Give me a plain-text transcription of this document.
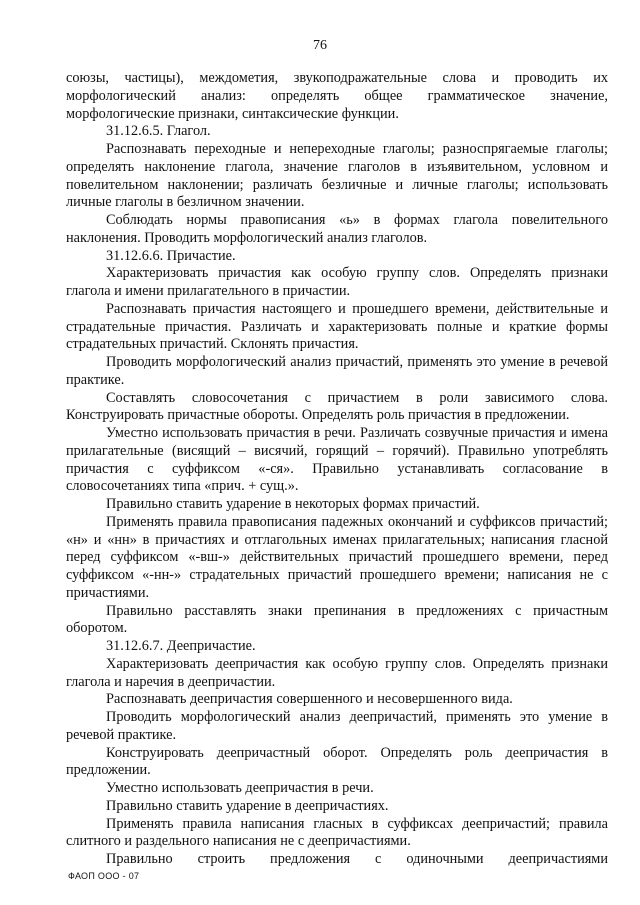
76

союзы, частицы), междометия, звукоподражательные слова и проводить их морфологический анализ: определять общее грамматическое значение, морфологические признаки, синтаксические функции.

31.12.6.5. Глагол.

Распознавать переходные и непереходные глаголы; разноспрягаемые глаголы; определять наклонение глагола, значение глаголов в изъявительном, условном и повелительном наклонении; различать безличные и личные глаголы; использовать личные глаголы в безличном значении.

Соблюдать нормы правописания «ь» в формах глагола повелительного наклонения. Проводить морфологический анализ глаголов.

31.12.6.6. Причастие.

Характеризовать причастия как особую группу слов. Определять признаки глагола и имени прилагательного в причастии.

Распознавать причастия настоящего и прошедшего времени, действительные и страдательные причастия. Различать и характеризовать полные и краткие формы страдательных причастий. Склонять причастия.

Проводить морфологический анализ причастий, применять это умение в речевой практике.

Составлять словосочетания с причастием в роли зависимого слова. Конструировать причастные обороты. Определять роль причастия в предложении.

Уместно использовать причастия в речи. Различать созвучные причастия и имена прилагательные (висящий – висячий, горящий – горячий). Правильно употреблять причастия с суффиксом «-ся». Правильно устанавливать согласование в словосочетаниях типа «прич. + сущ.».

Правильно ставить ударение в некоторых формах причастий.

Применять правила правописания падежных окончаний и суффиксов причастий; «н» и «нн» в причастиях и отглагольных именах прилагательных; написания гласной перед суффиксом «-вш-» действительных причастий прошедшего времени, перед суффиксом «-нн-» страдательных причастий прошедшего времени; написания не с причастиями.

Правильно расставлять знаки препинания в предложениях с причастным оборотом.

31.12.6.7. Деепричастие.

Характеризовать деепричастия как особую группу слов. Определять признаки глагола и наречия в деепричастии.

Распознавать деепричастия совершенного и несовершенного вида.

Проводить морфологический анализ деепричастий, применять это умение в речевой практике.

Конструировать деепричастный оборот. Определять роль деепричастия в предложении.

Уместно использовать деепричастия в речи.

Правильно ставить ударение в деепричастиях.

Применять правила написания гласных в суффиксах деепричастий; правила слитного и раздельного написания не с деепричастиями.

Правильно строить предложения с одиночными деепричастиями

ФАОП ООО - 07
